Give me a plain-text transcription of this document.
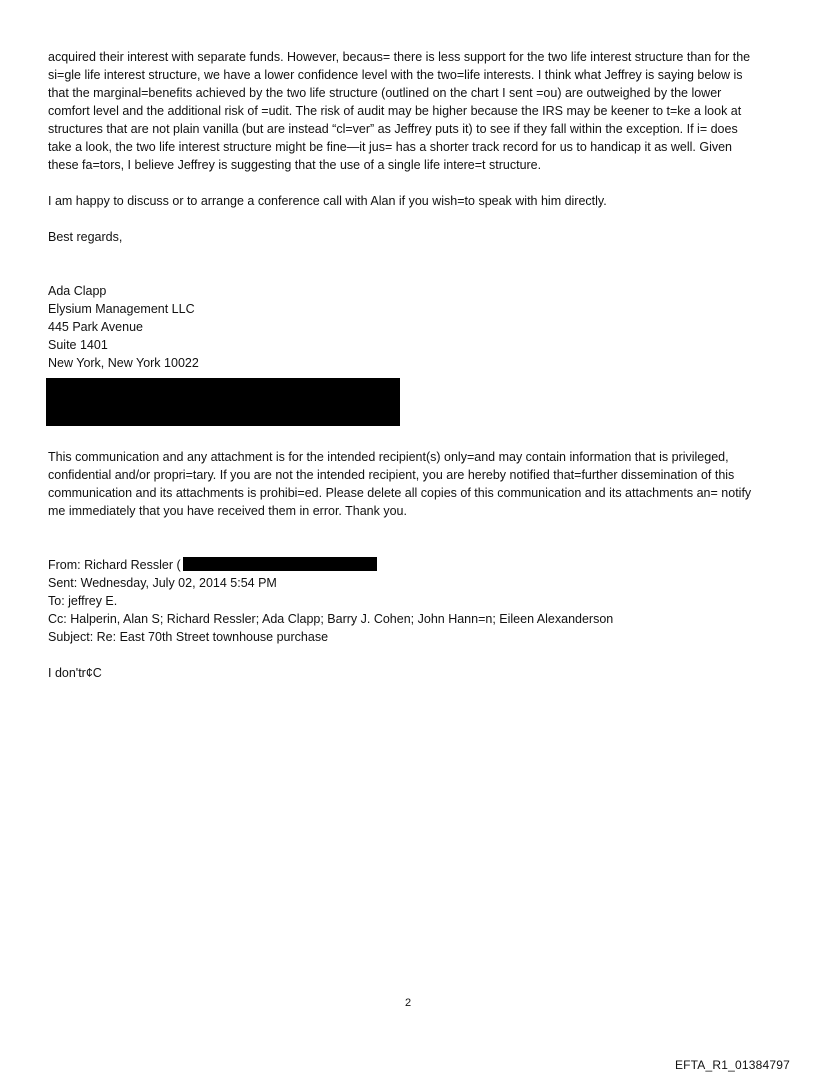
acquired their interest with separate funds. However, becaus= there is less support for the two life interest structure than for the si=gle life interest structure, we have a lower confidence level with the two=life interests. I think what Jeffrey is saying below is that the marginal=benefits achieved by the two life structure (outlined on the chart I sent =ou) are outweighed by the lower comfort level and the additional risk of =udit. The risk of audit may be higher because the IRS may be keener to t=ke a look at structures that are not plain vanilla (but are instead “cl=ver” as Jeffrey puts it) to see if they fall within the exception. If i= does take a look, the two life interest structure might be fine—it jus= has a shorter track record for us to handicap it as well. Given these fa=tors, I believe Jeffrey is suggesting that the use of a single life intere=t structure.

I am happy to discuss or to arrange a conference call with Alan if you wish=to speak with him directly.

Best regards,

Ada Clapp

Elysium Management LLC

445 Park Avenue

Suite 1401

New York, New York 10022

This communication and any attachment is for the intended recipient(s) only=and may contain information that is privileged, confidential and/or propri=tary. If you are not the intended recipient, you are hereby notified that=further dissemination of this communication and its attachments is prohibi=ed. Please delete all copies of this communication and its attachments an= notify me immediately that you have received them in error. Thank you.

From: Richard Ressler (

Sent: Wednesday, July 02, 2014 5:54 PM

To: jeffrey E.

Cc: Halperin, Alan S; Richard Ressler; Ada Clapp; Barry J. Cohen; John Hann=n; Eileen Alexanderson

Subject: Re: East 70th Street townhouse purchase

I don'tr¢C

2
EFTA_R1_01384797
